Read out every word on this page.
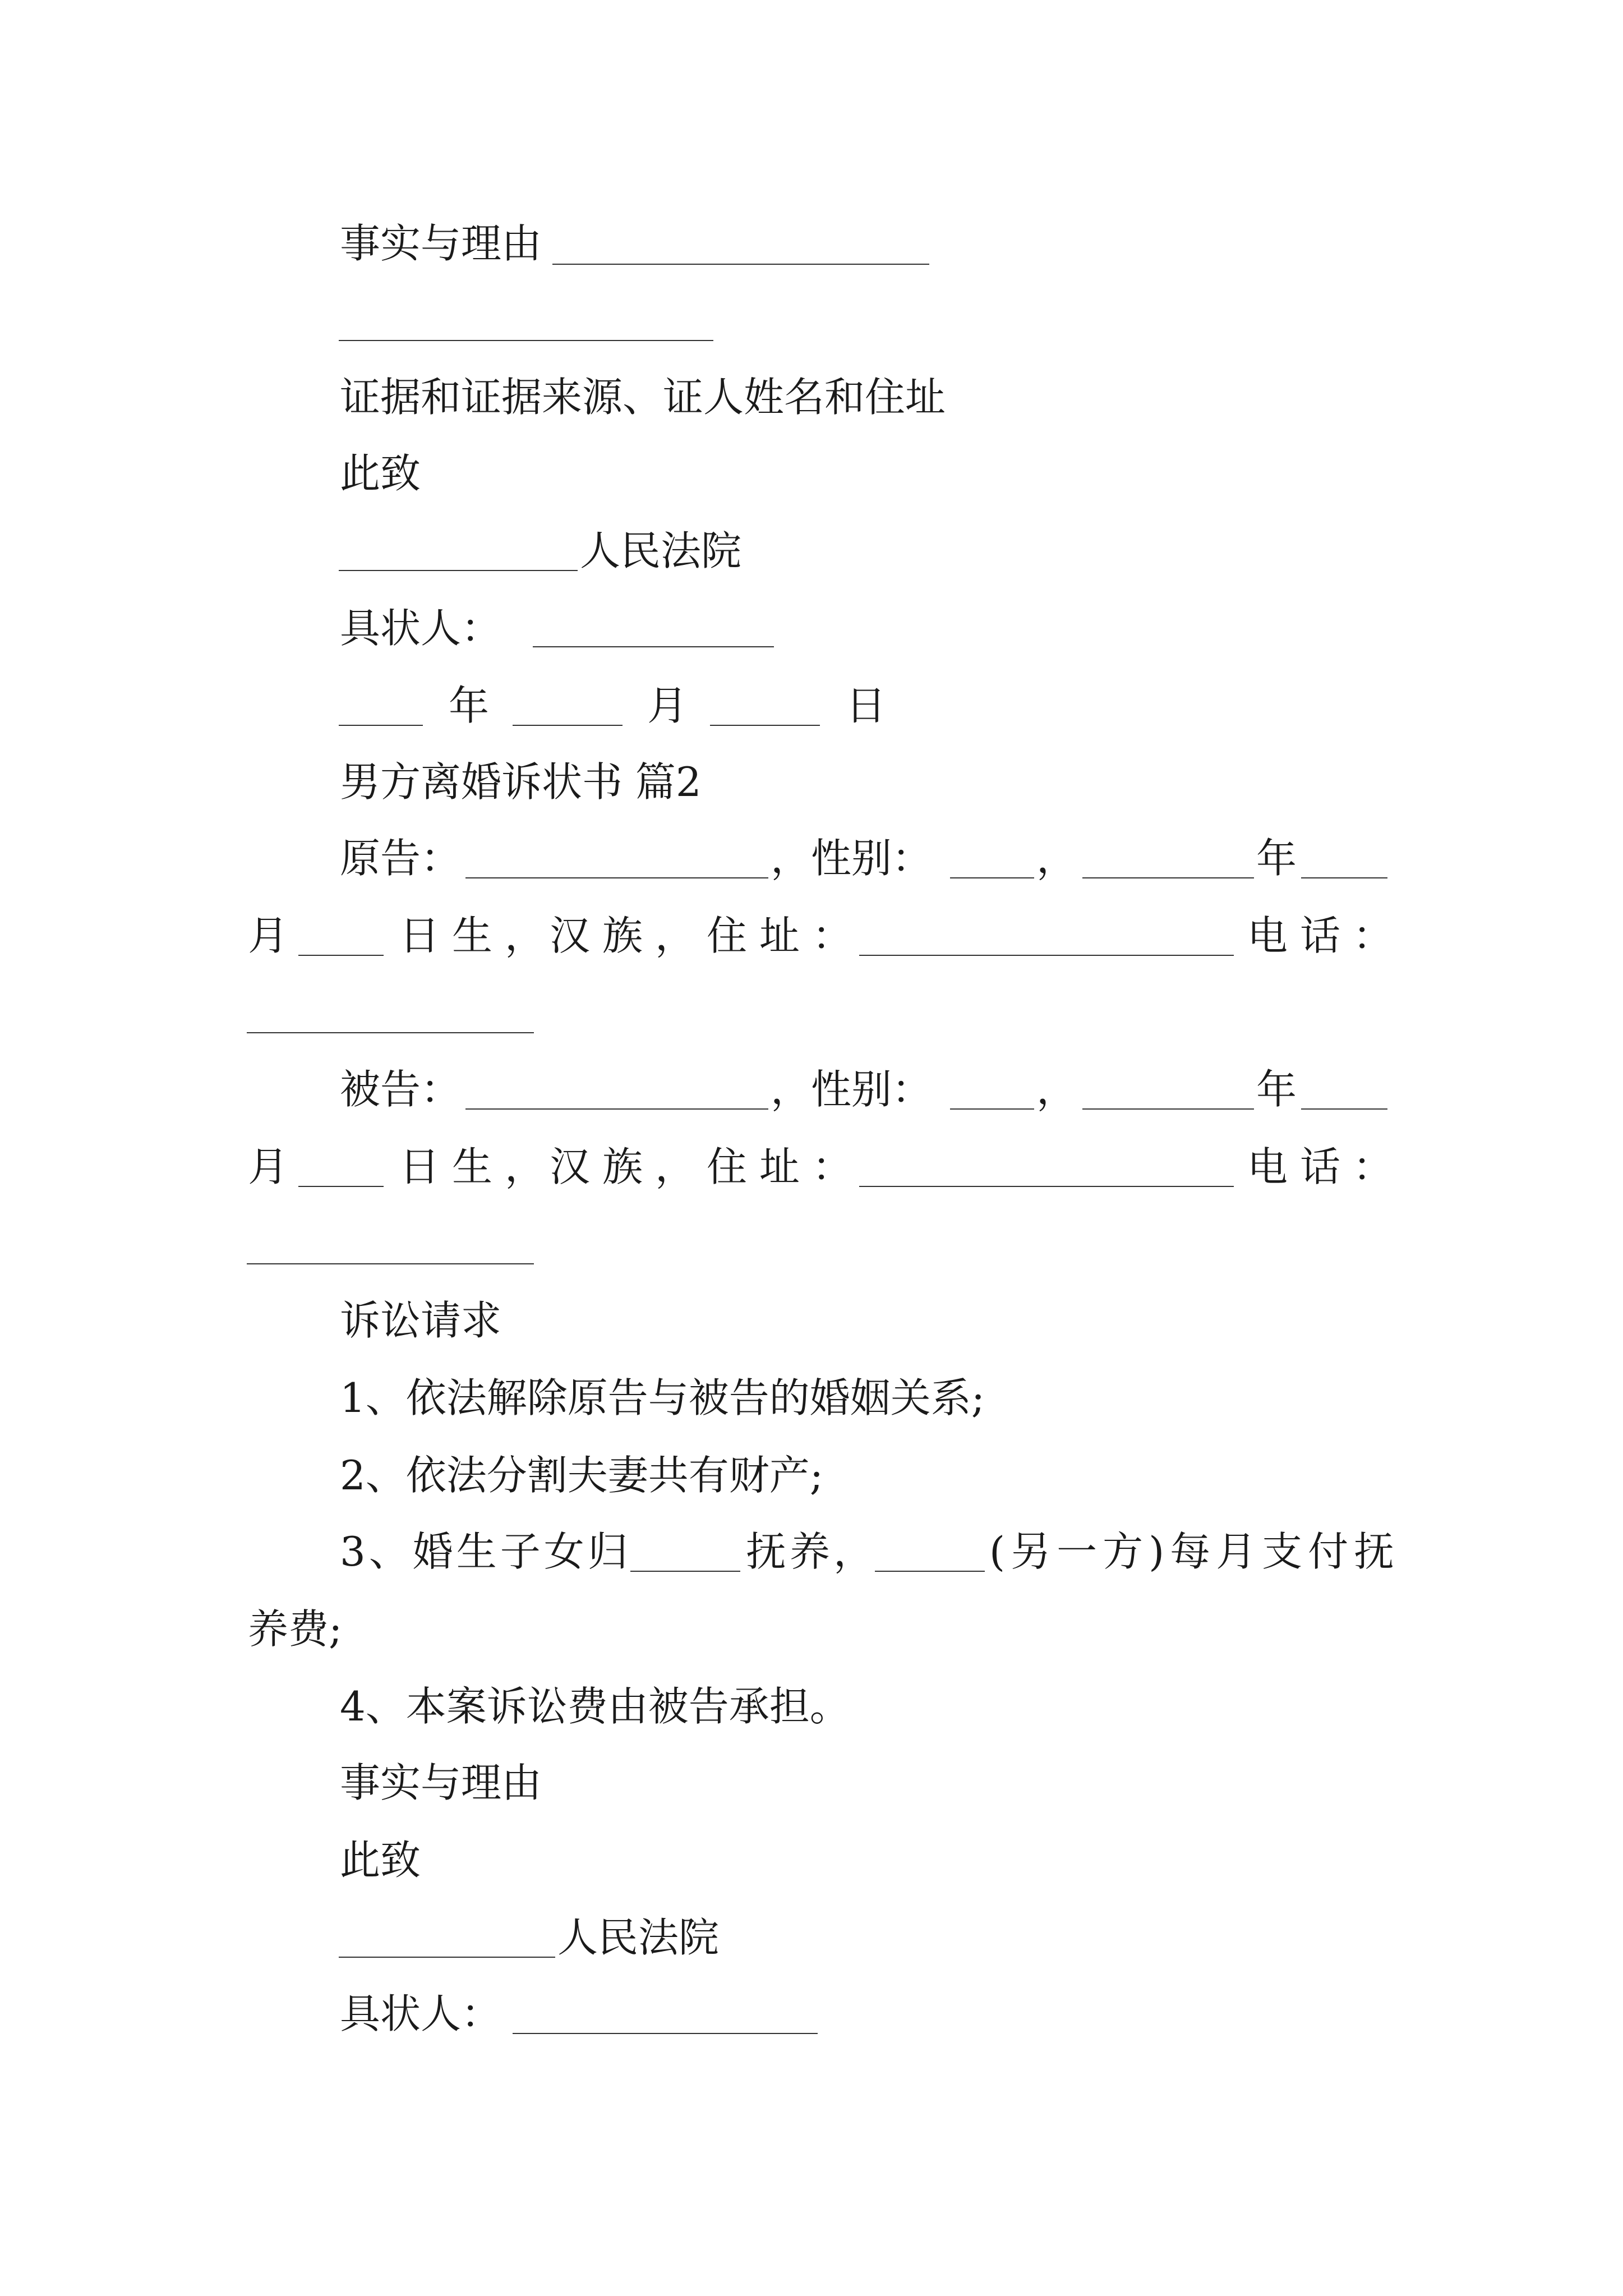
事实与理由
证据和证据来源、证人姓名和住址
此致
人民法院
具状人：
年	月	日
男方离婚诉状书 篇2
原告：	，性别：	，	年
月	日生，
汉族，
住址：	电话：
被告：	，性别：	，	年
月	日生，
汉族，
住址：	电话：
诉讼请求
1、依法解除原告与被告的婚姻关系;
2、依法分割夫妻共有财产;
3、婚生子女归	抚养，	(另一方)每月支付抚
养费;
4、本案诉讼费由被告承担。
事实与理由
此致
人民法院
具状人：
